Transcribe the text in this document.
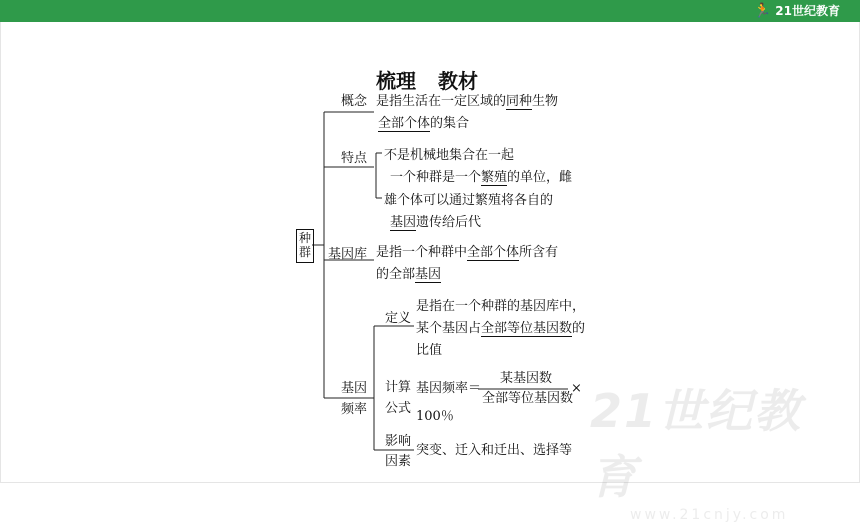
🏃 21世纪教育
21世纪教育
www.21cnjy.com
梳理 教材
种群
概念 是指生活在一定区域的同种生物
全部个体的集合
特点 不是机械地集合在一起
一个种群是一个繁殖的单位，雌
雄个体可以通过繁殖将各自的
基因遗传给后代
基因库 是指一个种群中全部个体所含有
的全部基因
基因
频率
定义
是指在一个种群的基因库中，
某个基因占全部等位基因数的
比值
计算
公式
基因频率＝
某基因数
全部等位基因数
×
100％
影响
因素
突变、迁入和迁出、选择等
